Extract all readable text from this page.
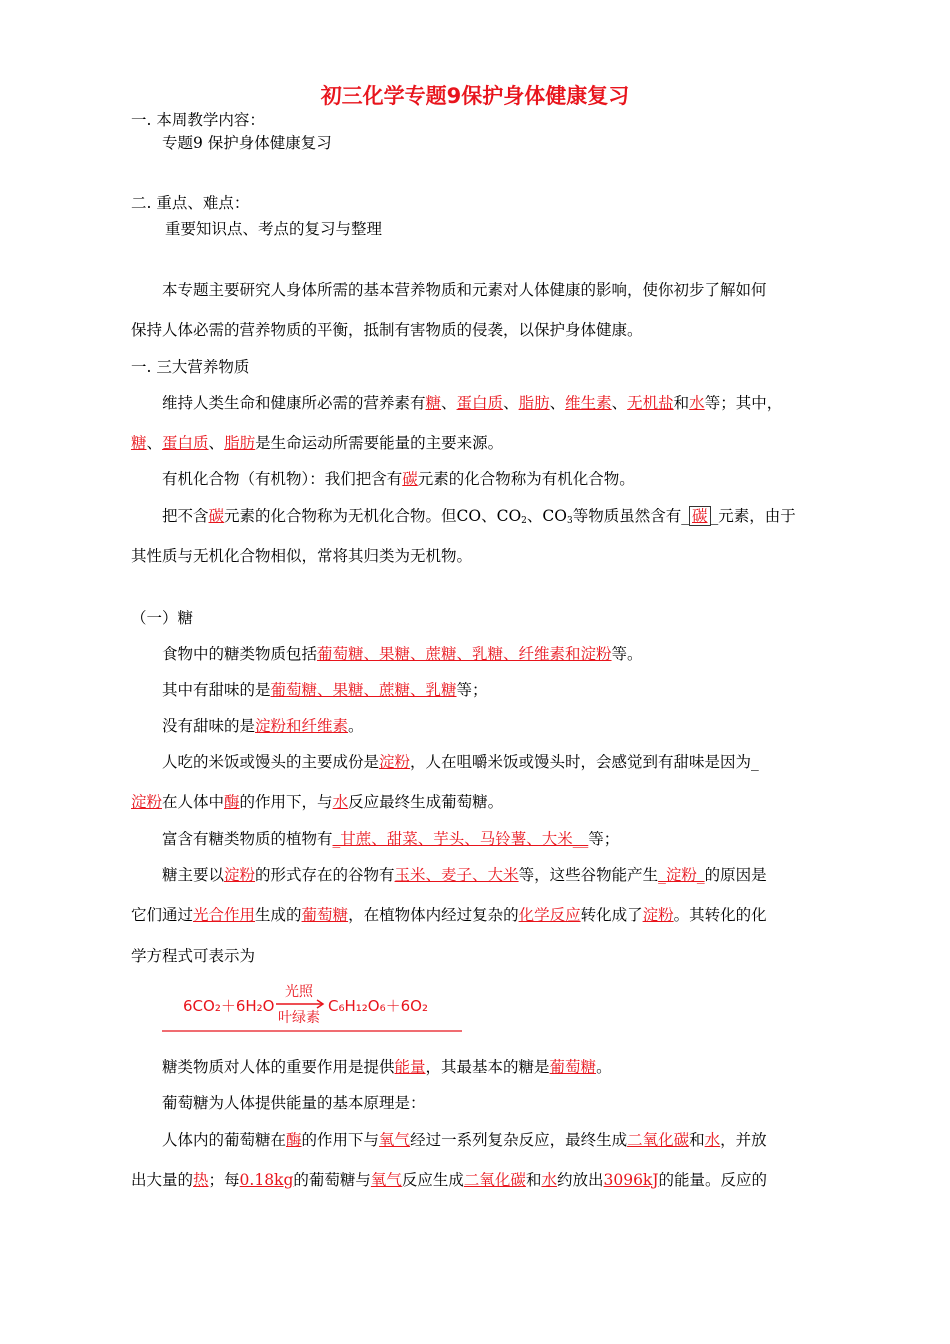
初三化学专题9保护身体健康复习
一. 本周教学内容：
专题9 保护身体健康复习
二. 重点、难点：
重要知识点、考点的复习与整理
本专题主要研究人身体所需的基本营养物质和元素对人体健康的影响，使你初步了解如何
保持人体必需的营养物质的平衡，抵制有害物质的侵袭，以保护身体健康。
一. 三大营养物质
维持人类生命和健康所必需的营养素有糖、蛋白质、脂肪、维生素、无机盐和水等；其中，
糖、蛋白质、脂肪是生命运动所需要能量的主要来源。
有机化合物（有机物）：我们把含有碳元素的化合物称为有机化合物。
把不含碳元素的化合物称为无机化合物。但CO、$CO_2$、$CO_3$等物质虽然含有_ 碳 _元素，由于
其性质与无机化合物相似，常将其归类为无机物。
（一）糖
食物中的糖类物质包括葡萄糖、果糖、蔗糖、乳糖、纤维素和淀粉等。
其中有甜味的是葡萄糖、果糖、蔗糖、乳糖等；
没有甜味的是淀粉和纤维素。
人吃的米饭或馒头的主要成份是淀粉，人在咀嚼米饭或馒头时，会感觉到有甜味是因为_
淀粉在人体中酶的作用下，与水反应最终生成葡萄糖。
富含有糖类物质的植物有_甘蔗、甜菜、芋头、马铃薯、大米__等；
糖主要以淀粉的形式存在的谷物有玉米、麦子、大米等，这些谷物能产生_淀粉_的原因是
它们通过光合作用生成的葡萄糖，在植物体内经过复杂的化学反应转化成了淀粉。其转化的化
学方程式可表示为
6CO₂＋6H₂O
光照
叶绿素
C₆H₁₂O₆＋6O₂
糖类物质对人体的重要作用是提供能量，其最基本的糖是葡萄糖。
葡萄糖为人体提供能量的基本原理是：
人体内的葡萄糖在酶的作用下与氧气经过一系列复杂反应，最终生成二氧化碳和水，并放
出大量的热；每0.18kg的葡萄糖与氧气反应生成二氧化碳和水约放出3096kJ的能量。反应的
